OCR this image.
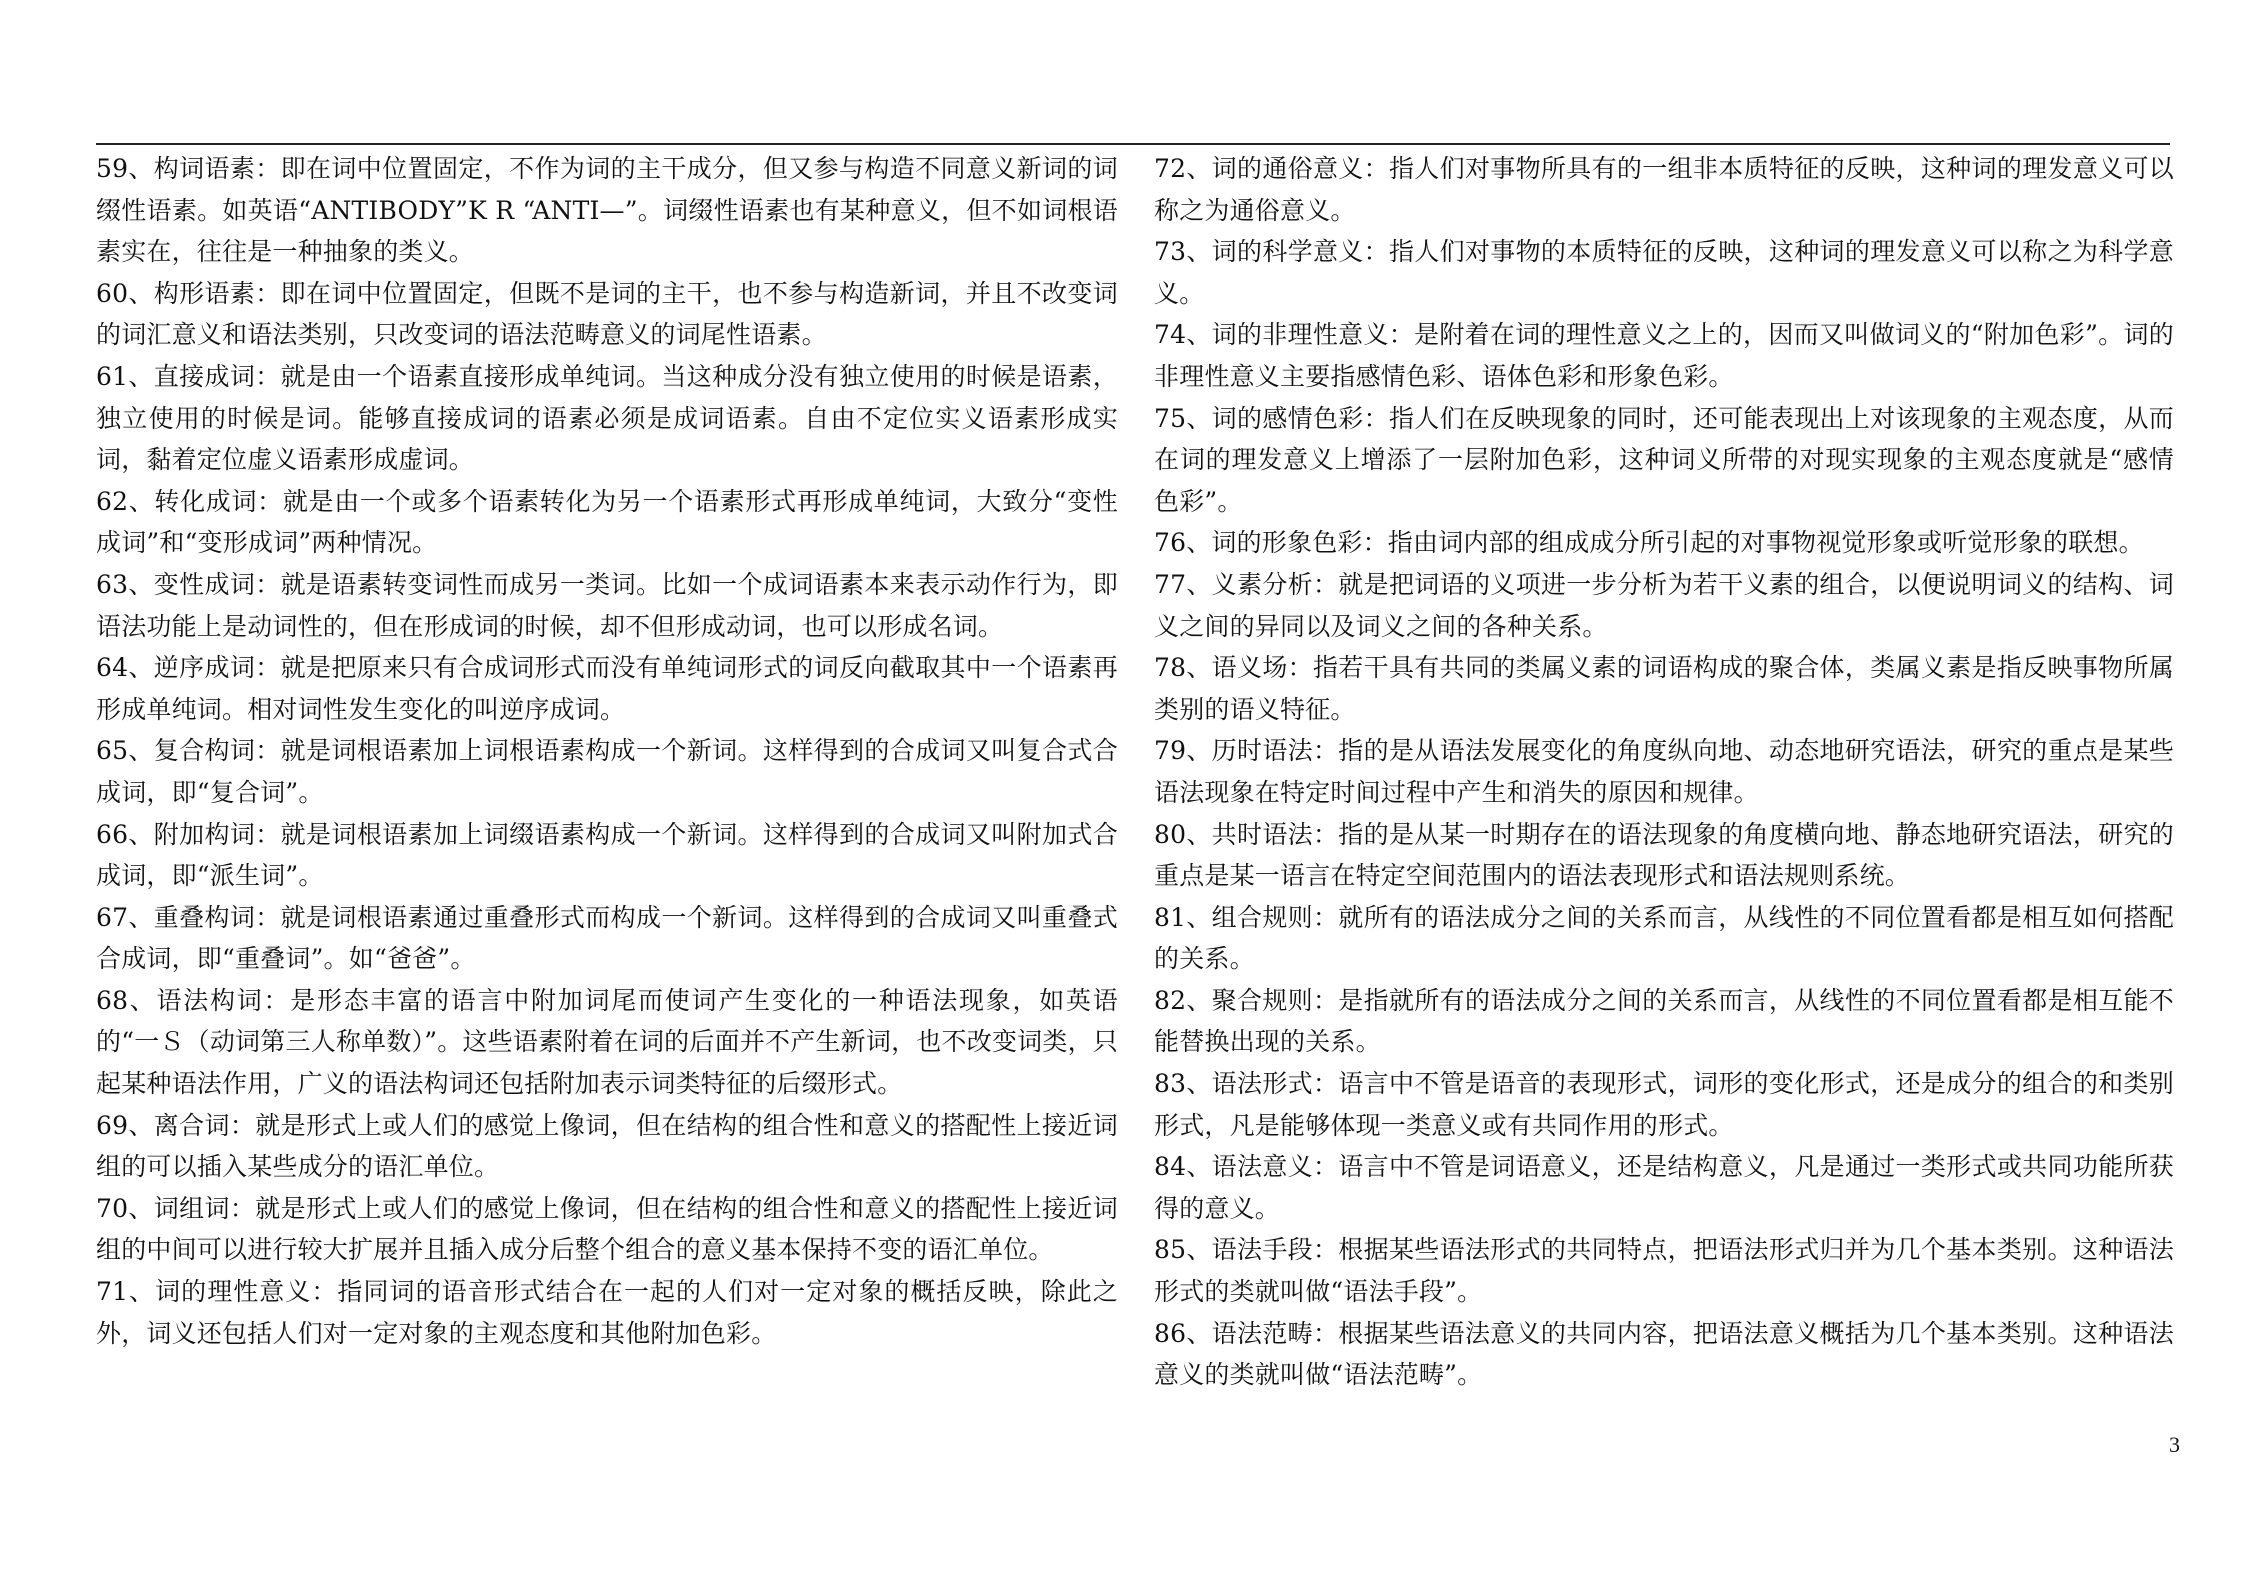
59、构词语素：即在词中位置固定，不作为词的主干成分，但又参与构造不同意义新词的词缀性语素。如英语“ANTIBODY”K R “ANTI—”。词缀性语素也有某种意义，但不如词根语素实在，往往是一种抽象的类义。

60、构形语素：即在词中位置固定，但既不是词的主干，也不参与构造新词，并且不改变词的词汇意义和语法类别，只改变词的语法范畴意义的词尾性语素。

61、直接成词：就是由一个语素直接形成单纯词。当这种成分没有独立使用的时候是语素，独立使用的时候是词。能够直接成词的语素必须是成词语素。自由不定位实义语素形成实词，黏着定位虚义语素形成虚词。

62、转化成词：就是由一个或多个语素转化为另一个语素形式再形成单纯词，大致分“变性成词”和“变形成词”两种情况。

63、变性成词：就是语素转变词性而成另一类词。比如一个成词语素本来表示动作行为，即语法功能上是动词性的，但在形成词的时候，却不但形成动词，也可以形成名词。

64、逆序成词：就是把原来只有合成词形式而没有单纯词形式的词反向截取其中一个语素再形成单纯词。相对词性发生变化的叫逆序成词。

65、复合构词：就是词根语素加上词根语素构成一个新词。这样得到的合成词又叫复合式合成词，即“复合词”。

66、附加构词：就是词根语素加上词缀语素构成一个新词。这样得到的合成词又叫附加式合成词，即“派生词”。

67、重叠构词：就是词根语素通过重叠形式而构成一个新词。这样得到的合成词又叫重叠式合成词，即“重叠词”。如“爸爸”。

68、语法构词：是形态丰富的语言中附加词尾而使词产生变化的一种语法现象，如英语的“一Ｓ（动词第三人称单数）”。这些语素附着在词的后面并不产生新词，也不改变词类，只起某种语法作用，广义的语法构词还包括附加表示词类特征的后缀形式。

69、离合词：就是形式上或人们的感觉上像词，但在结构的组合性和意义的搭配性上接近词组的可以插入某些成分的语汇单位。

70、词组词：就是形式上或人们的感觉上像词，但在结构的组合性和意义的搭配性上接近词组的中间可以进行较大扩展并且插入成分后整个组合的意义基本保持不变的语汇单位。

71、词的理性意义：指同词的语音形式结合在一起的人们对一定对象的概括反映，除此之外，词义还包括人们对一定对象的主观态度和其他附加色彩。

72、词的通俗意义：指人们对事物所具有的一组非本质特征的反映，这种词的理发意义可以称之为通俗意义。

73、词的科学意义：指人们对事物的本质特征的反映，这种词的理发意义可以称之为科学意义。

74、词的非理性意义：是附着在词的理性意义之上的，因而又叫做词义的“附加色彩”。词的非理性意义主要指感情色彩、语体色彩和形象色彩。

75、词的感情色彩：指人们在反映现象的同时，还可能表现出上对该现象的主观态度，从而在词的理发意义上增添了一层附加色彩，这种词义所带的对现实现象的主观态度就是“感情色彩”。

76、词的形象色彩：指由词内部的组成成分所引起的对事物视觉形象或听觉形象的联想。

77、义素分析：就是把词语的义项进一步分析为若干义素的组合，以便说明词义的结构、词义之间的异同以及词义之间的各种关系。

78、语义场：指若干具有共同的类属义素的词语构成的聚合体，类属义素是指反映事物所属类别的语义特征。

79、历时语法：指的是从语法发展变化的角度纵向地、动态地研究语法，研究的重点是某些语法现象在特定时间过程中产生和消失的原因和规律。

80、共时语法：指的是从某一时期存在的语法现象的角度横向地、静态地研究语法，研究的重点是某一语言在特定空间范围内的语法表现形式和语法规则系统。

81、组合规则：就所有的语法成分之间的关系而言，从线性的不同位置看都是相互如何搭配的关系。

82、聚合规则：是指就所有的语法成分之间的关系而言，从线性的不同位置看都是相互能不能替换出现的关系。

83、语法形式：语言中不管是语音的表现形式，词形的变化形式，还是成分的组合的和类别形式，凡是能够体现一类意义或有共同作用的形式。

84、语法意义：语言中不管是词语意义，还是结构意义，凡是通过一类形式或共同功能所获得的意义。

85、语法手段：根据某些语法形式的共同特点，把语法形式归并为几个基本类别。这种语法形式的类就叫做“语法手段”。

86、语法范畴：根据某些语法意义的共同内容，把语法意义概括为几个基本类别。这种语法意义的类就叫做“语法范畴”。

3
